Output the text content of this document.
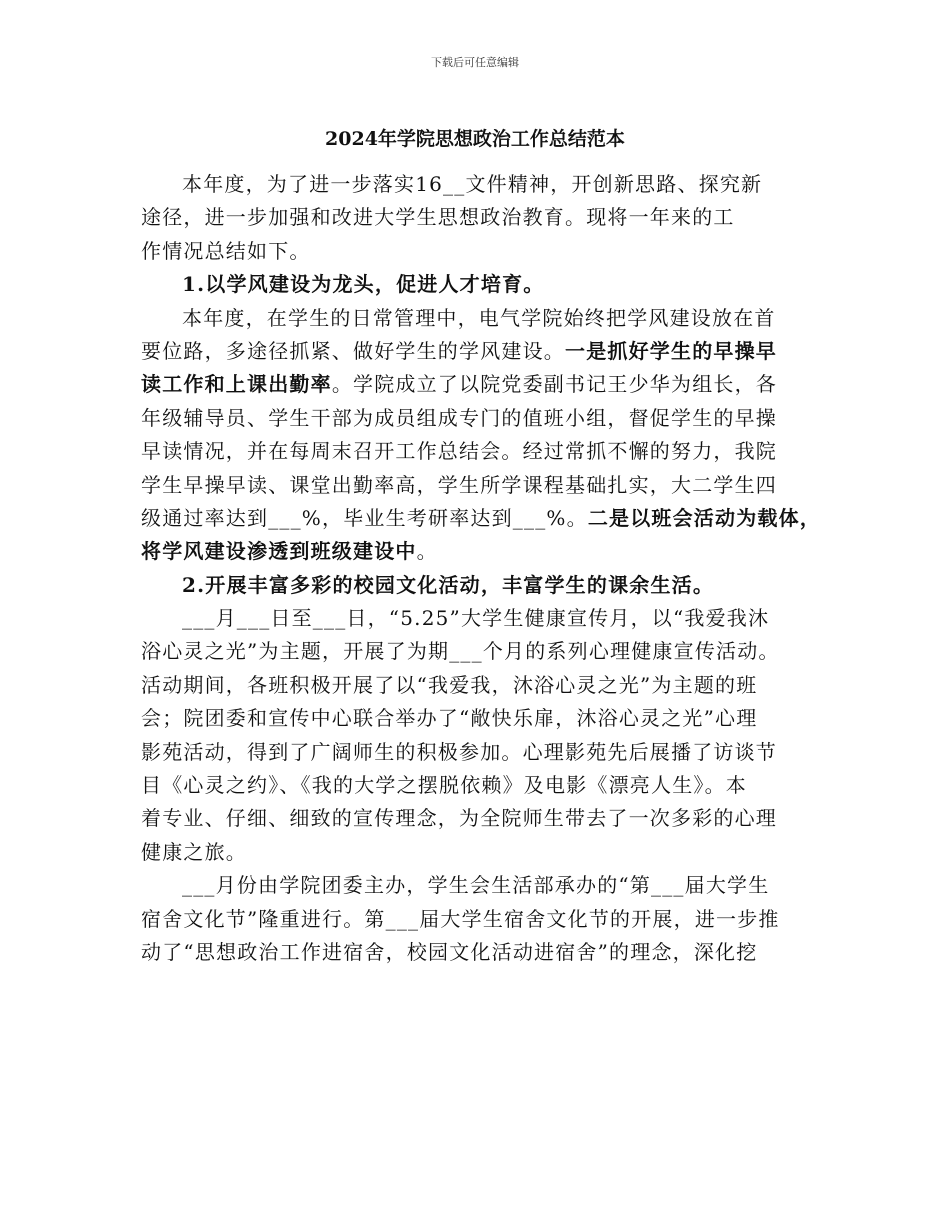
下载后可任意编辑
2024年学院思想政治工作总结范本
本年度，为了进一步落实16__文件精神，开创新思路、探究新
途径，进一步加强和改进大学生思想政治教育。现将一年来的工
作情况总结如下。
1.以学风建设为龙头，促进人才培育。
本年度，在学生的日常管理中，电气学院始终把学风建设放在首
要位路，多途径抓紧、做好学生的学风建设。一是抓好学生的早操早
读工作和上课出勤率。学院成立了以院党委副书记王少华为组长，各
年级辅导员、学生干部为成员组成专门的值班小组，督促学生的早操
早读情况，并在每周末召开工作总结会。经过常抓不懈的努力，我院
学生早操早读、课堂出勤率高，学生所学课程基础扎实，大二学生四
级通过率达到___%，毕业生考研率达到___%。二是以班会活动为载体，
将学风建设渗透到班级建设中。
2.开展丰富多彩的校园文化活动，丰富学生的课余生活。
___月___日至___日，“5.25”大学生健康宣传月，以“我爱我沐
浴心灵之光”为主题，开展了为期___个月的系列心理健康宣传活动。
活动期间，各班积极开展了以“我爱我，沐浴心灵之光”为主题的班
会；院团委和宣传中心联合举办了“敞快乐扉，沐浴心灵之光”心理
影苑活动，得到了广阔师生的积极参加。心理影苑先后展播了访谈节
目《心灵之约》、《我的大学之摆脱依赖》及电影《漂亮人生》。本
着专业、仔细、细致的宣传理念，为全院师生带去了一次多彩的心理
健康之旅。
___月份由学院团委主办，学生会生活部承办的“第___届大学生
宿舍文化节”隆重进行。第___届大学生宿舍文化节的开展，进一步推
动了“思想政治工作进宿舍，校园文化活动进宿舍”的理念，深化挖
